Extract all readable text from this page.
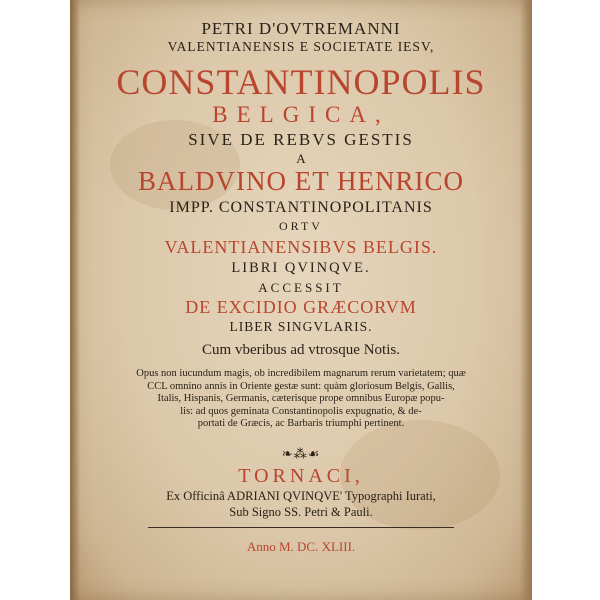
PETRI D'OVTREMANNI
VALENTIANENSIS E SOCIETATE IESV,
CONSTANTINOPOLIS
BELGICA,
SIVE DE REBVS GESTIS
A
BALDVINO ET HENRICO
IMPP. CONSTANTINOPOLITANIS
ORTV
VALENTIANENSIBVS BELGIS.
LIBRI QVINQVE.
ACCESSIT
DE EXCIDIO GRÆCORVM
LIBER SINGVLARIS.
Cum vberibus ad vtrosque Notis.
Opus non iucundum magis, ob incredibilem magnarum rerum varietatem; quæ
CCL omnino annis in Oriente gestæ sunt: quàm gloriosum Belgis, Gallis,
Italis, Hispanis, Germanis, cæterisque prope omnibus Europæ popu-
lis: ad quos geminata Constantinopolis expugnatio, & de-
portati de Græcis, ac Barbaris triumphi pertinent.
❧⁂☙
TORNACI,
Ex Officinâ ADRIANI QVINQVE' Typographi Iurati,
Sub Signo SS. Petri & Pauli.
Anno M. DC. XLIII.
